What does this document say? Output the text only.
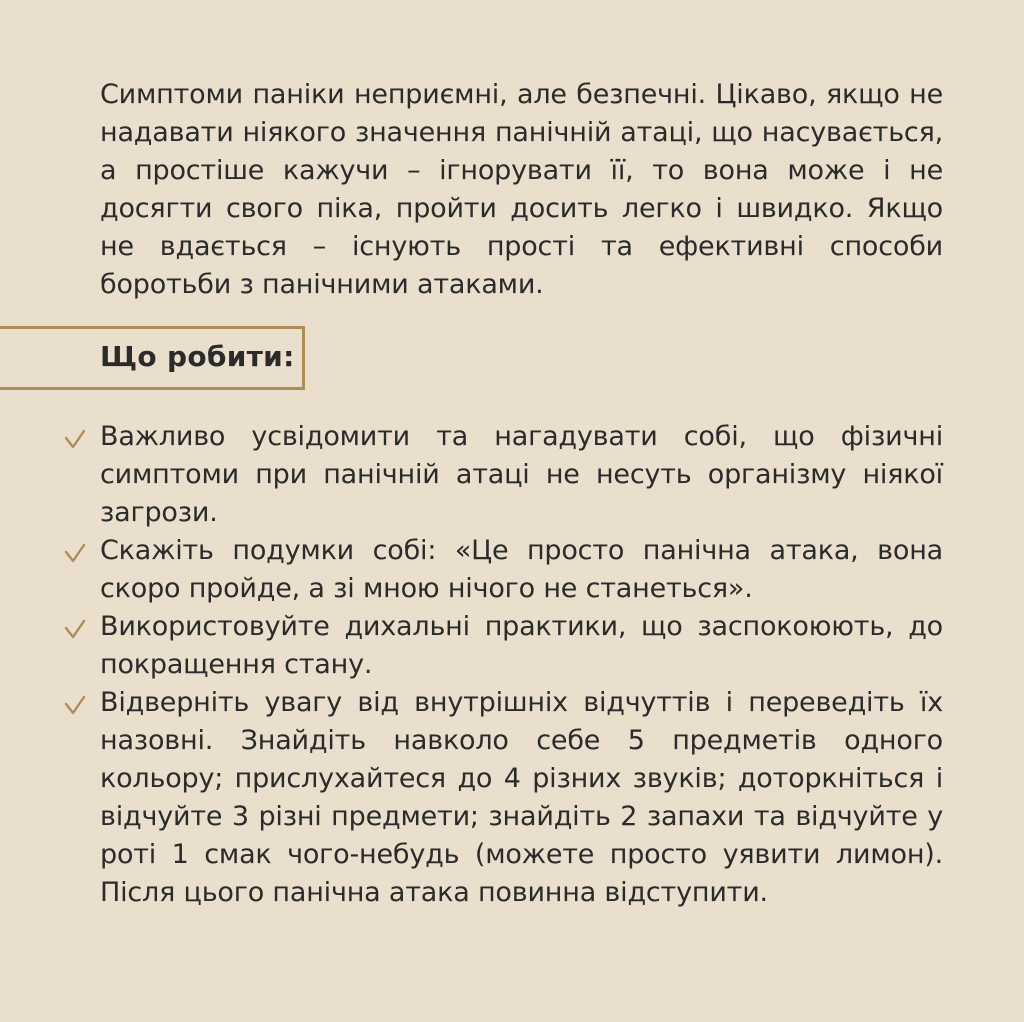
Симптоми паніки неприємні, але безпечні. Цікаво, якщо не надавати ніякого значення панічній атаці, що насувається, а простіше кажучи – ігнорувати її, то вона може і не досягти свого піка, пройти досить легко і швидко. Якщо не вдається – існують прості та ефективні способи боротьби з панічними атаками.

Що робити:
Важливо усвідомити та нагадувати собі, що фізичні симптоми при панічній атаці не несуть організму ніякої загрози.
Скажіть подумки собі: «Це просто панічна атака, вона скоро пройде, а зі мною нічого не станеться».
Використовуйте дихальні практики, що заспокоюють, до покращення стану.
Відверніть увагу від внутрішніх відчуттів і переведіть їх назовні. Знайдіть навколо себе 5 предметів одного кольору; прислухайтеся до 4 різних звуків; доторкніться і відчуйте 3 різні предмети; знайдіть 2 запахи та відчуйте у роті 1 смак чого-небудь (можете просто уявити лимон). Після цього панічна атака повинна відступити.
